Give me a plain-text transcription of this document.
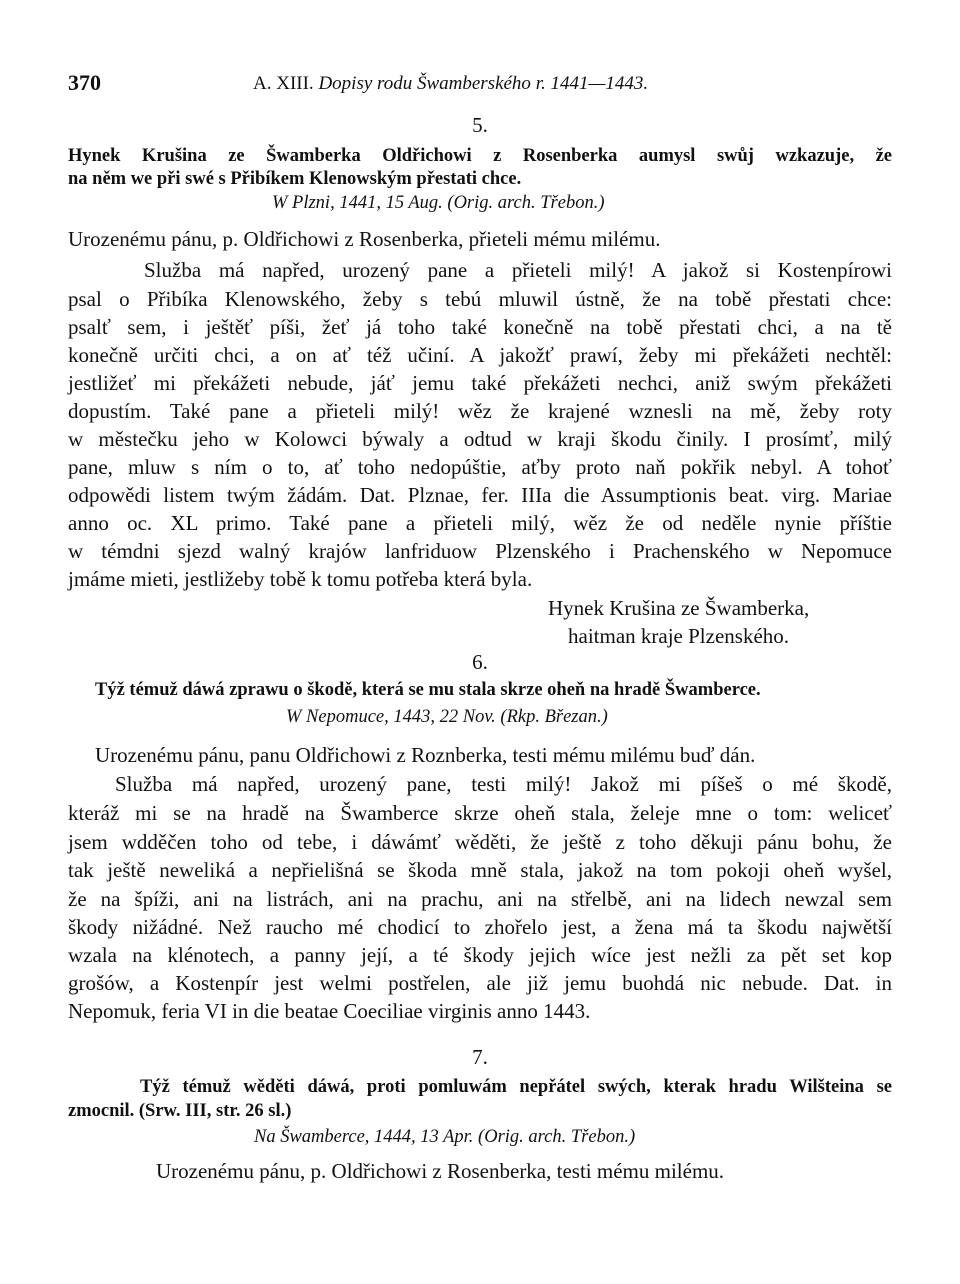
370	A. XIII. Dopisy rodu Šwamberského r. 1441—1443.
5.
Hynek Krušina ze Šwamberka Oldřichowi z Rosenberka aumysl swůj wzkazuje, že
na něm we při swé s Přibíkem Klenowským přestati chce.
W Plzni, 1441, 15 Aug. (Orig. arch. Třebon.)
Urozenému pánu, p. Oldřichowi z Rosenberka, přieteli mému milému.
Služba má napřed, urozený pane a přieteli milý! A jakož si Kostenpírowi
psal o Přibíka Klenowského, žeby s tebú mluwil ústně, že na tobě přestati chce:
psalť sem, i ještěť píši, žeť já toho také konečně na tobě přestati chci, a na tě
konečně určiti chci, a on ať též učiní. A jakožť prawí, žeby mi překážeti nechtěl:
jestližeť mi překážeti nebude, jáť jemu také překážeti nechci, aniž swým překážeti
dopustím. Také pane a přieteli milý! wěz že krajené wznesli na mě, žeby roty
w městečku jeho w Kolowci býwaly a odtud w kraji škodu činily. I prosímť, milý
pane, mluw s ním o to, ať toho nedopúštie, aťby proto naň pokřik nebyl. A tohoť
odpowědi listem twým žádám. Dat. Plznae, fer. IIIa die Assumptionis beat. virg. Mariae
anno oc. XL primo. Také pane a přieteli milý, wěz že od neděle nynie příštie
w témdni sjezd walný krajów lanfriduow Plzenského i Prachenského w Nepomuce
jmáme mieti, jestližeby tobě k tomu potřeba která byla.
Hynek Krušina ze Šwamberka,
haitman kraje Plzenského.
6.
Týž témuž dáwá zprawu o škodě, která se mu stala skrze oheň na hradě Šwamberce.
W Nepomuce, 1443, 22 Nov. (Rkp. Březan.)
Urozenému pánu, panu Oldřichowi z Roznberka, testi mému milému buď dán.
Služba má napřed, urozený pane, testi milý! Jakož mi píšeš o mé škodě,
kteráž mi se na hradě na Šwamberce skrze oheň stala, želeje mne o tom: weliceť
jsem wdděčen toho od tebe, i dáwámť wěděti, že ještě z toho děkuji pánu bohu, že
tak ještě neweliká a nepřielišná se škoda mně stala, jakož na tom pokoji oheň wyšel,
že na špíži, ani na listrách, ani na prachu, ani na střelbě, ani na lidech newzal sem
škody nižádné. Než raucho mé chodicí to zhořelo jest, a žena má ta škodu najwětší
wzala na klénotech, a panny její, a té škody jejich wíce jest nežli za pět set kop
grošów, a Kostenpír jest welmi postřelen, ale již jemu buohdá nic nebude. Dat. in
Nepomuk, feria VI in die beatae Coeciliae virginis anno 1443.
7.
Týž témuž wěděti dáwá, proti pomluwám nepřátel swých, kterak hradu Wilšteina se
zmocnil. (Srw. III, str. 26 sl.)
Na Šwamberce, 1444, 13 Apr. (Orig. arch. Třebon.)
Urozenému pánu, p. Oldřichowi z Rosenberka, testi mému milému.
